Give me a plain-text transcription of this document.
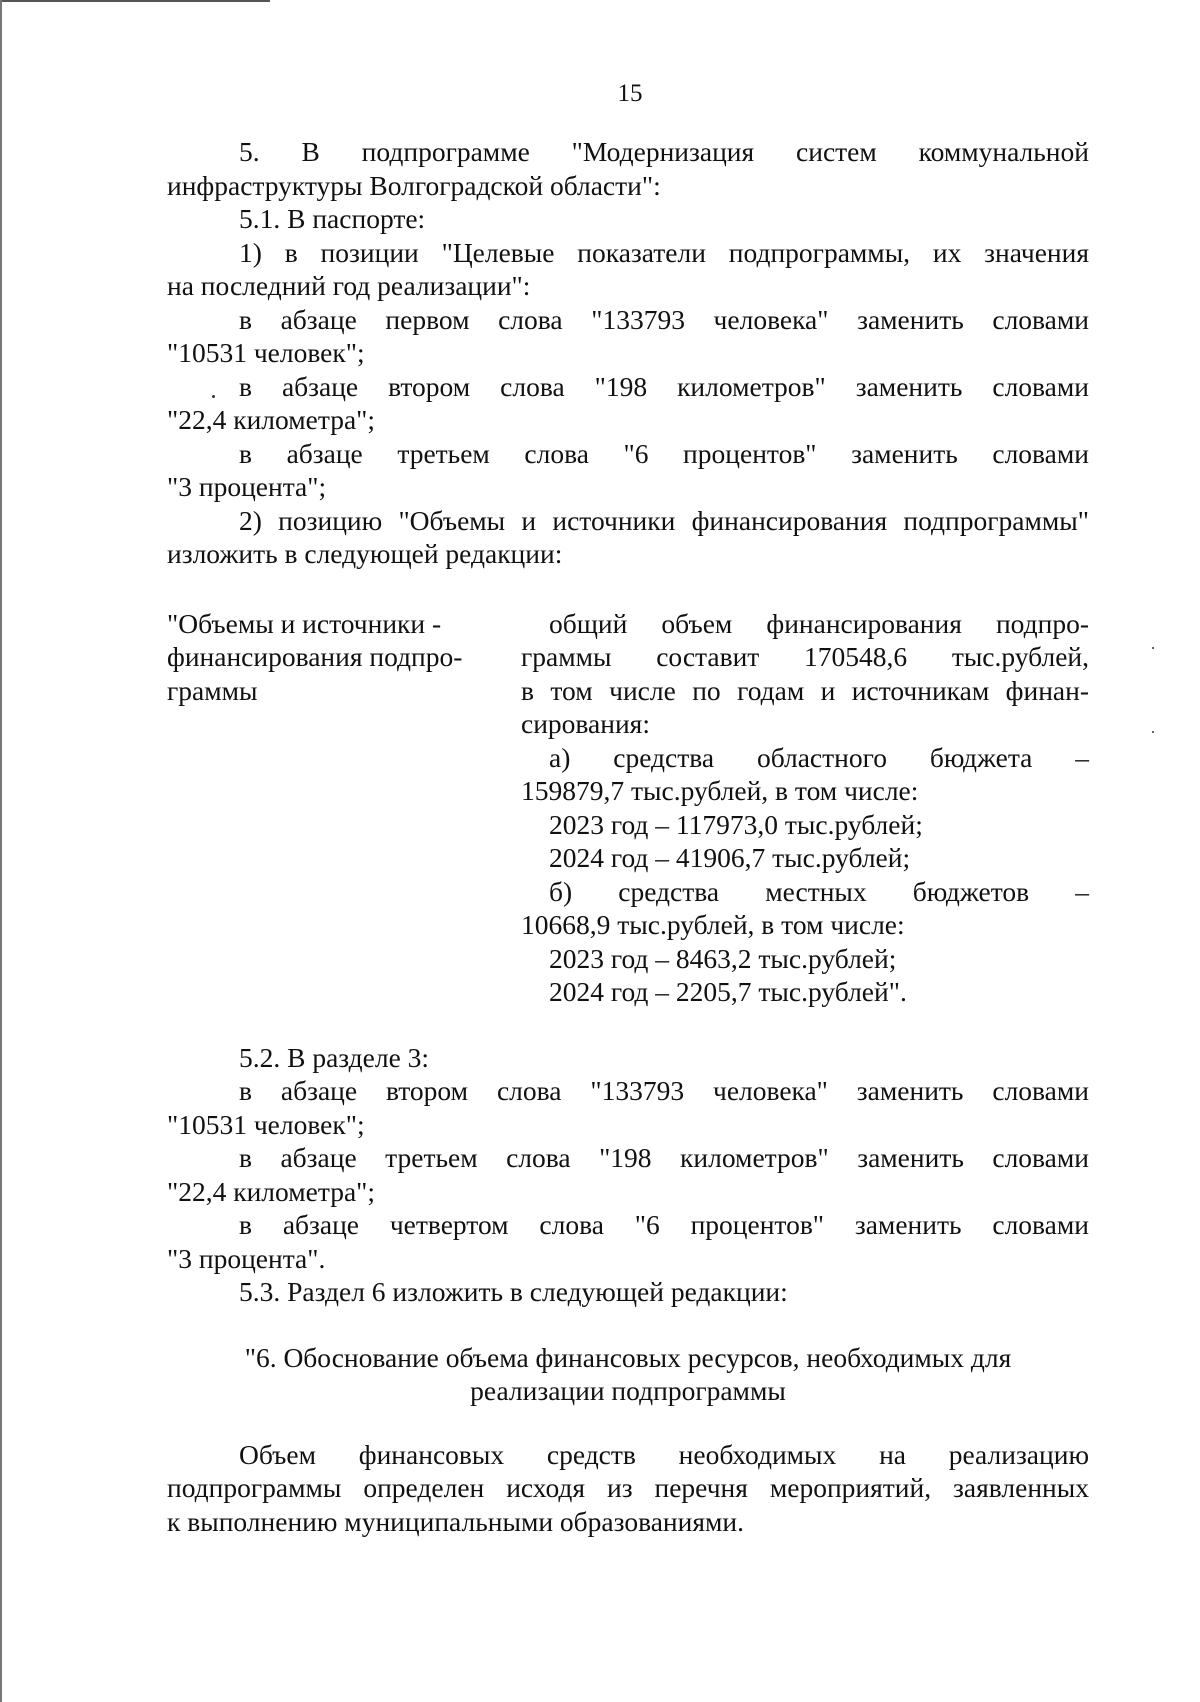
15

5. В подпрограмме "Модернизация систем коммунальной

инфраструктуры Волгоградской области":

5.1. В паспорте:

1) в позиции "Целевые показатели подпрограммы, их значения

на последний год реализации":

в абзаце первом слова "133793 человека" заменить словами

"10531 человек";

в абзаце втором слова "198 километров" заменить словами

"22,4 километра";

в абзаце третьем слова "6 процентов" заменить словами

"3 процента";

2) позицию "Объемы и источники финансирования подпрограммы"

изложить в следующей редакции:

"Объемы и источники -

финансирования подпро-

граммы

общий объем финансирования подпро-

граммы составит 170548,6 тыс.рублей,

в том числе по годам и источникам финан-

сирования:

а) средства областного бюджета –

159879,7 тыс.рублей, в том числе:

2023 год – 117973,0 тыс.рублей;

2024 год – 41906,7 тыс.рублей;

б) средства местных бюджетов –

10668,9 тыс.рублей, в том числе:

2023 год – 8463,2 тыс.рублей;

2024 год – 2205,7 тыс.рублей".

5.2. В разделе 3:

в абзаце втором слова "133793 человека" заменить словами

"10531 человек";

в абзаце третьем слова "198 километров" заменить словами

"22,4 километра";

в абзаце четвертом слова "6 процентов" заменить словами

"3 процента".

5.3. Раздел 6 изложить в следующей редакции:

"6. Обоснование объема финансовых ресурсов, необходимых для

реализации подпрограммы

Объем финансовых средств необходимых на реализацию

подпрограммы определен исходя из перечня мероприятий, заявленных

к выполнению муниципальными образованиями.
